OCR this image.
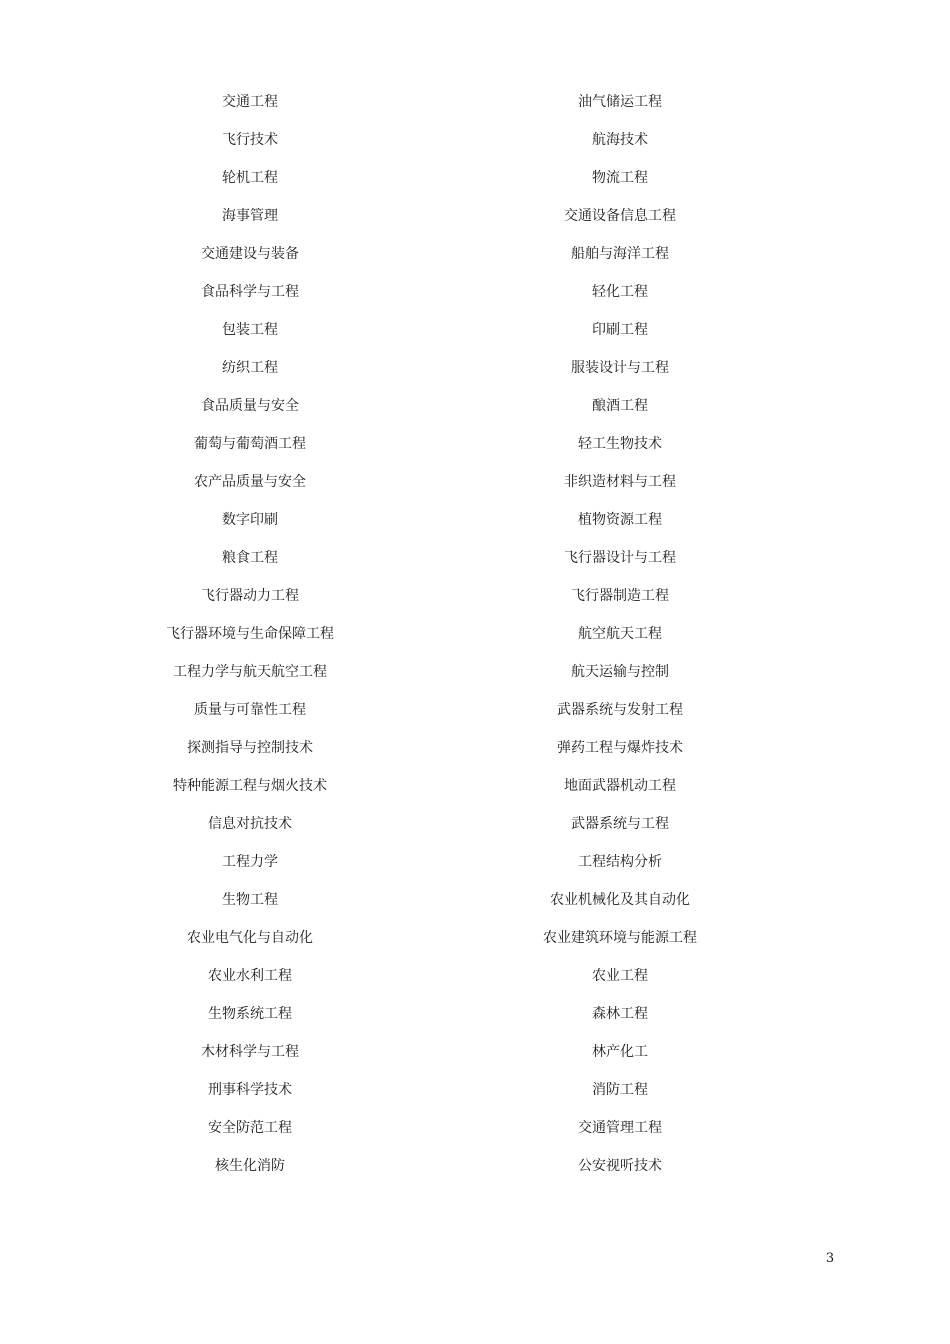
交通工程	油气储运工程
飞行技术	航海技术
轮机工程	物流工程
海事管理	交通设备信息工程
交通建设与装备	船舶与海洋工程
食品科学与工程	轻化工程
包装工程	印刷工程
纺织工程	服装设计与工程
食品质量与安全	酿酒工程
葡萄与葡萄酒工程	轻工生物技术
农产品质量与安全	非织造材料与工程
数字印刷	植物资源工程
粮食工程	飞行器设计与工程
飞行器动力工程	飞行器制造工程
飞行器环境与生命保障工程	航空航天工程
工程力学与航天航空工程	航天运输与控制
质量与可靠性工程	武器系统与发射工程
探测指导与控制技术	弹药工程与爆炸技术
特种能源工程与烟火技术	地面武器机动工程
信息对抗技术	武器系统与工程
工程力学	工程结构分析
生物工程	农业机械化及其自动化
农业电气化与自动化	农业建筑环境与能源工程
农业水利工程	农业工程
生物系统工程	森林工程
木材科学与工程	林产化工
刑事科学技术	消防工程
安全防范工程	交通管理工程
核生化消防	公安视听技术
3
